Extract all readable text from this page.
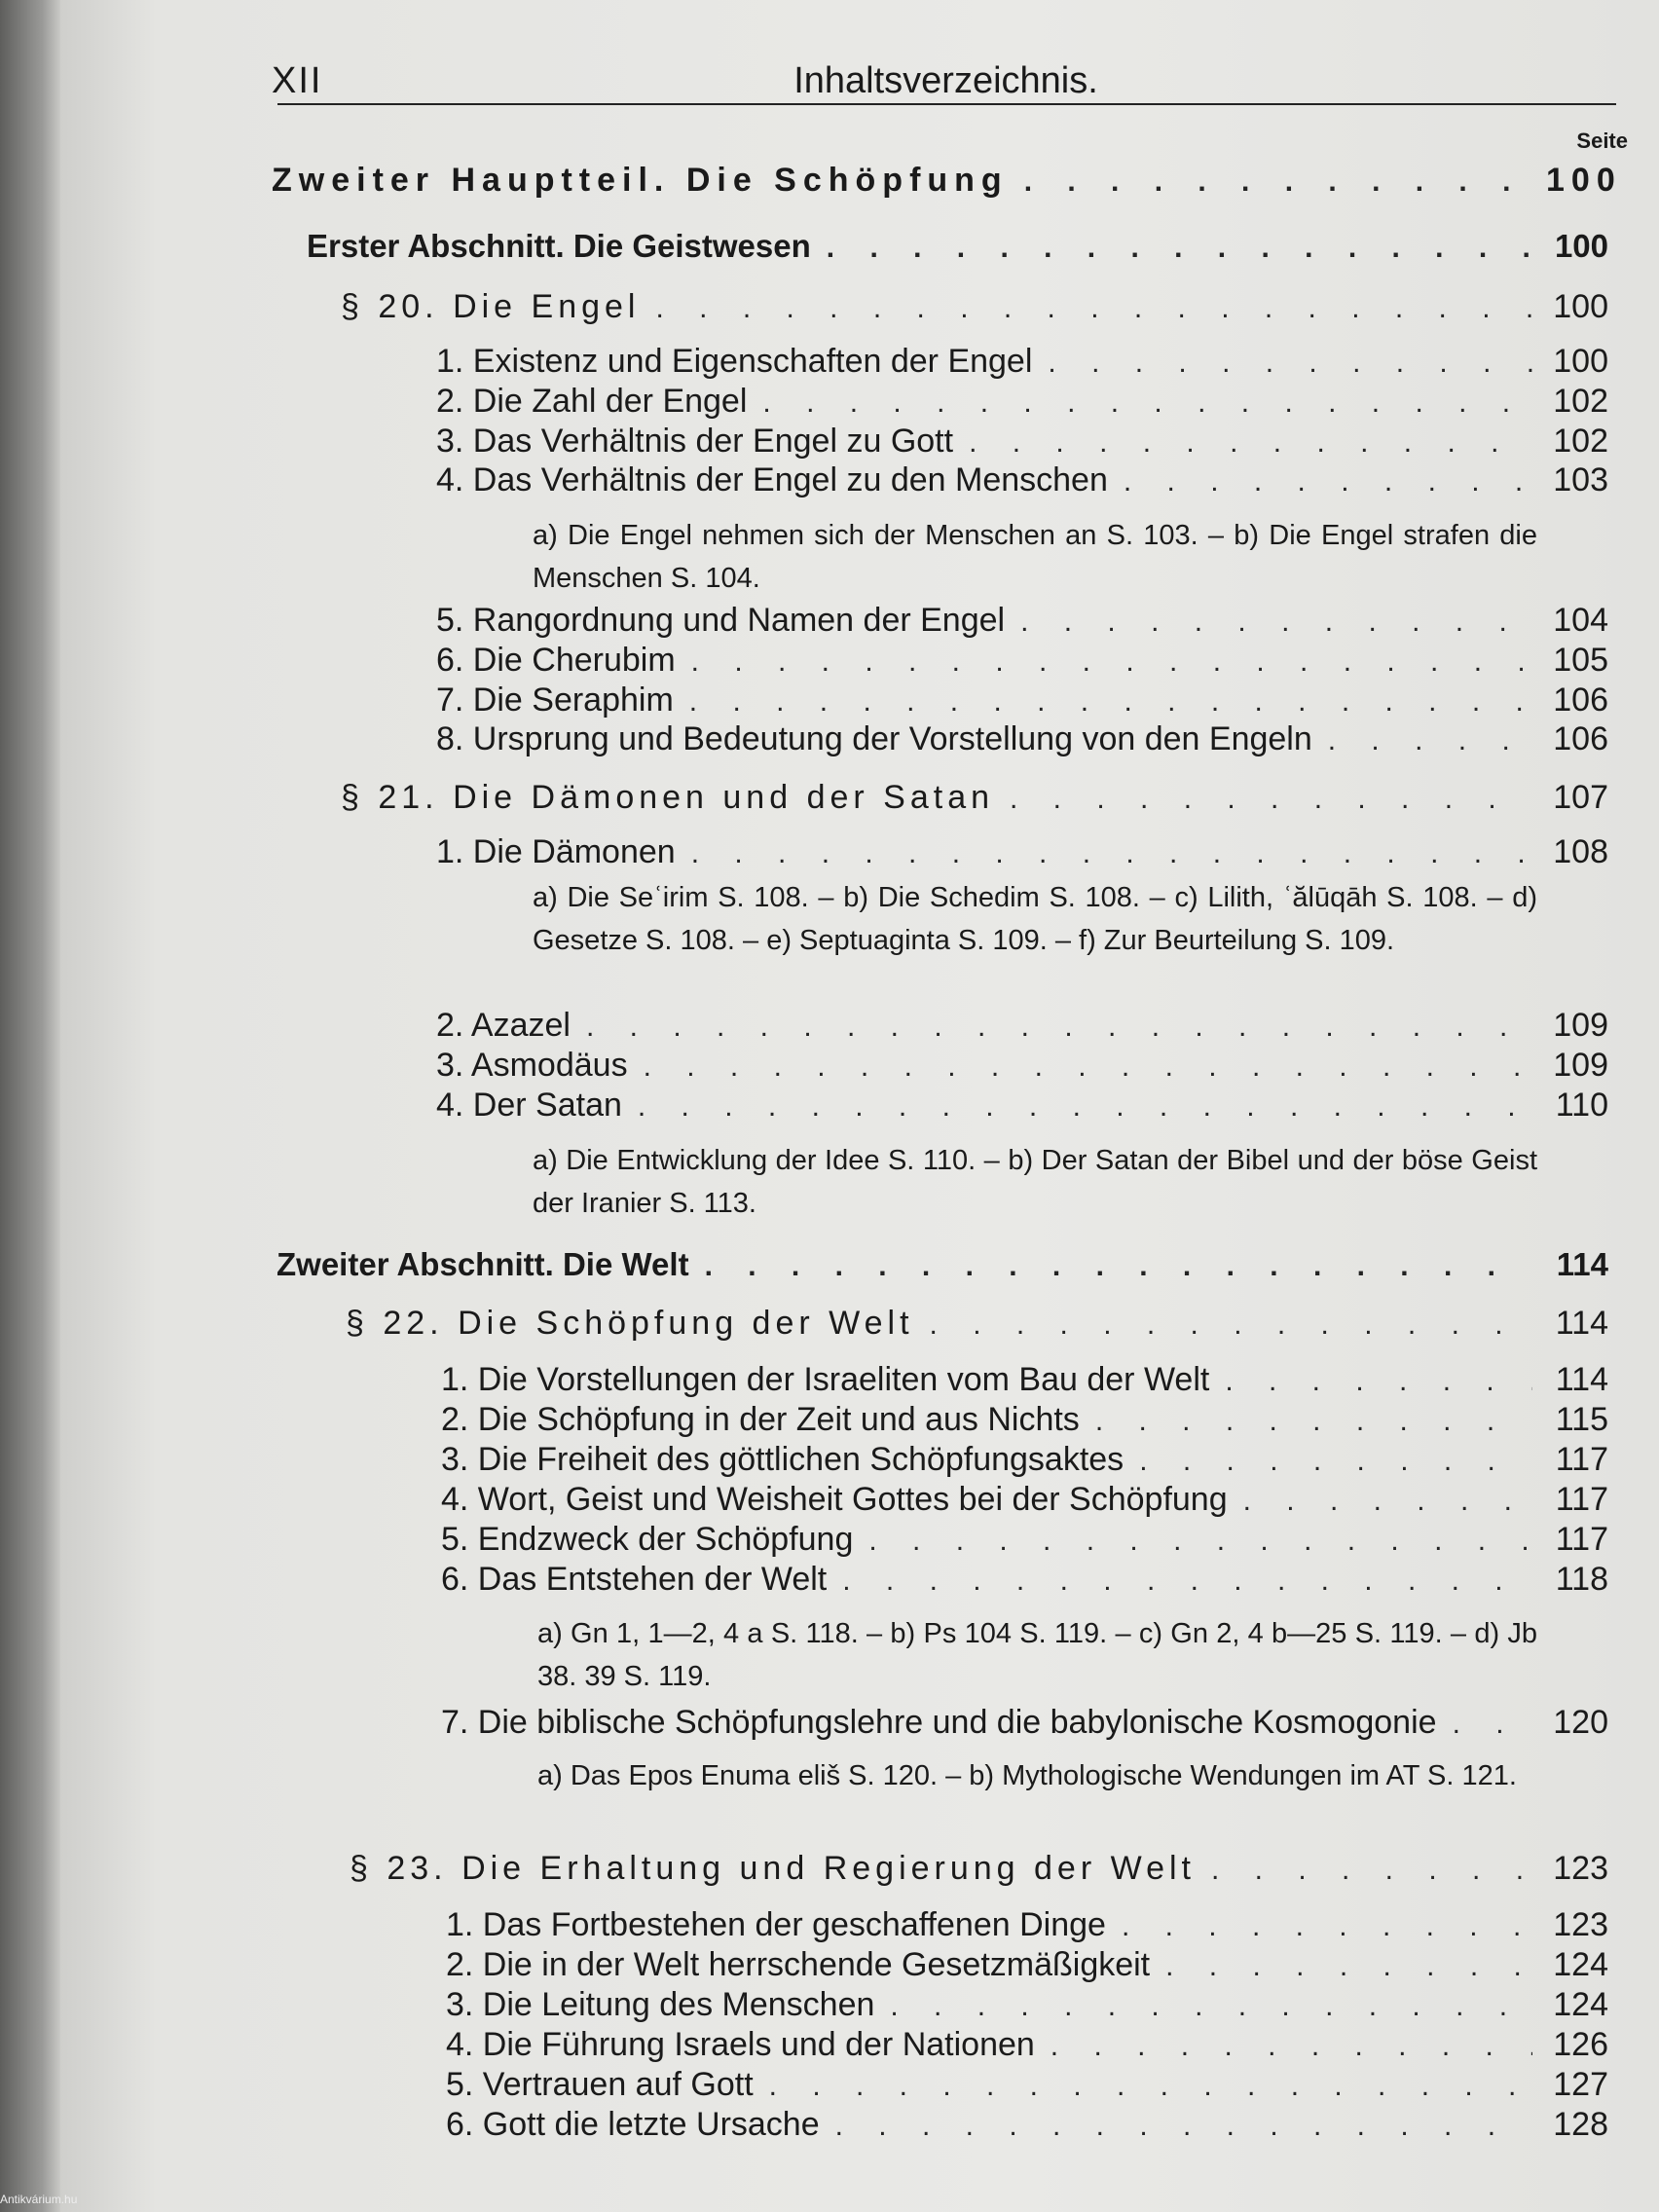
XII	Inhaltsverzeichnis.
Seite
Zweiter Hauptteil. Die Schöpfung . . .	100
Erster Abschnitt. Die Geistwesen . . .	100
§ 20. Die Engel . . .	100
1. Existenz und Eigenschaften der Engel . . .	100
2. Die Zahl der Engel . . .	102
3. Das Verhältnis der Engel zu Gott . . .	102
4. Das Verhältnis der Engel zu den Menschen . . .	103
a) Die Engel nehmen sich der Menschen an S. 103. – b) Die Engel strafen die Menschen S. 104.
5. Rangordnung und Namen der Engel . . .	104
6. Die Cherubim . . .	105
7. Die Seraphim . . .	106
8. Ursprung und Bedeutung der Vorstellung von den Engeln . . .	106
§ 21. Die Dämonen und der Satan . . .	107
1. Die Dämonen . . .	108
a) Die Seʿirim S. 108. – b) Die Schedim S. 108. – c) Lilith, ʿălūqāh S. 108. – d) Gesetze S. 108. – e) Septuaginta S. 109. – f) Zur Beurteilung S. 109.
2. Azazel . . .	109
3. Asmodäus . . .	109
4. Der Satan . . .	110
a) Die Entwicklung der Idee S. 110. – b) Der Satan der Bibel und der böse Geist der Iranier S. 113.
Zweiter Abschnitt. Die Welt . . .	114
§ 22. Die Schöpfung der Welt . . .	114
1. Die Vorstellungen der Israeliten vom Bau der Welt . . .	114
2. Die Schöpfung in der Zeit und aus Nichts . . .	115
3. Die Freiheit des göttlichen Schöpfungsaktes . . .	117
4. Wort, Geist und Weisheit Gottes bei der Schöpfung . . .	117
5. Endzweck der Schöpfung . . .	117
6. Das Entstehen der Welt . . .	118
a) Gn 1, 1—2, 4 a S. 118. – b) Ps 104 S. 119. – c) Gn 2, 4 b—25 S. 119. – d) Jb 38. 39 S. 119.
7. Die biblische Schöpfungslehre und die babylonische Kosmogonie . . .	120
a) Das Epos Enuma eliš S. 120. – b) Mythologische Wendungen im AT S. 121.
§ 23. Die Erhaltung und Regierung der Welt . . .	123
1. Das Fortbestehen der geschaffenen Dinge . . .	123
2. Die in der Welt herrschende Gesetzmäßigkeit . . .	124
3. Die Leitung des Menschen . . .	124
4. Die Führung Israels und der Nationen . . .	126
5. Vertrauen auf Gott . . .	127
6. Gott die letzte Ursache . . .	128
Antikvárium.hu
